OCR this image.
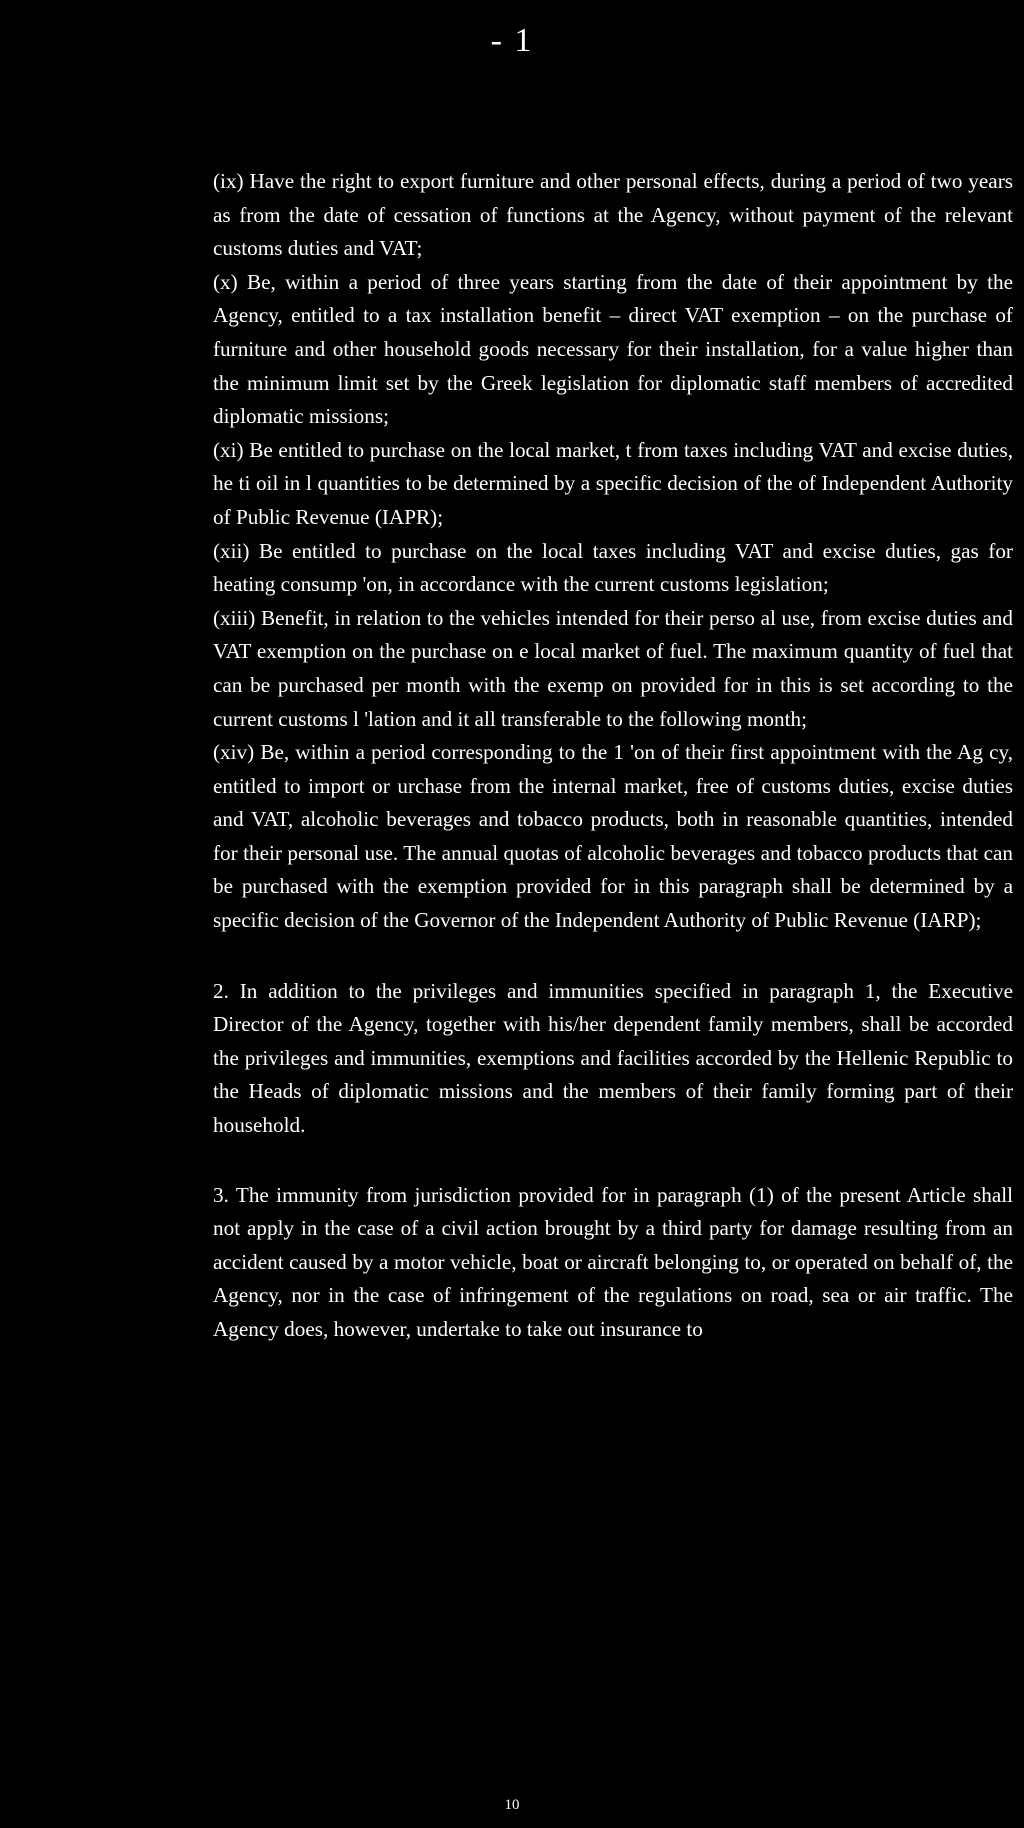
- 1

(ix) Have the right to export furniture and other personal effects, during a period of two years as from the date of cessation of functions at the Agency, without payment of the relevant customs duties and VAT;

(x) Be, within a period of three years starting from the date of their appointment by the Agency, entitled to a tax installation benefit – direct VAT exemption – on the purchase of furniture and other household goods necessary for their installation, for a value higher than the minimum limit set by the Greek legislation for diplomatic staff members of accredited diplomatic missions;

(xi) Be entitled to purchase on the local market, t from taxes including VAT and excise duties, he ti oil in l quantities to be determined by a specific decision of the of Independent Authority of Public Revenue (IAPR);

(xii) Be entitled to purchase on the local taxes including VAT and excise duties, gas for heating consump 'on, in accordance with the current customs legislation;

(xiii) Benefit, in relation to the vehicles intended for their perso al use, from excise duties and VAT exemption on the purchase on e local market of fuel. The maximum quantity of fuel that can be purchased per month with the exemp on provided for in this is set according to the current customs l 'lation and it all transferable to the following month;

(xiv) Be, within a period corresponding to the 1 'on of their first appointment with the Ag cy, entitled to import or urchase from the internal market, free of customs duties, excise duties and VAT, alcoholic beverages and tobacco products, both in reasonable quantities, intended for their personal use. The annual quotas of alcoholic beverages and tobacco products that can be purchased with the exemption provided for in this paragraph shall be determined by a specific decision of the Governor of the Independent Authority of Public Revenue (IARP);

2. In addition to the privileges and immunities specified in paragraph 1, the Executive Director of the Agency, together with his/her dependent family members, shall be accorded the privileges and immunities, exemptions and facilities accorded by the Hellenic Republic to the Heads of diplomatic missions and the members of their family forming part of their household.

3. The immunity from jurisdiction provided for in paragraph (1) of the present Article shall not apply in the case of a civil action brought by a third party for damage resulting from an accident caused by a motor vehicle, boat or aircraft belonging to, or operated on behalf of, the Agency, nor in the case of infringement of the regulations on road, sea or air traffic. The Agency does, however, undertake to take out insurance to

10
